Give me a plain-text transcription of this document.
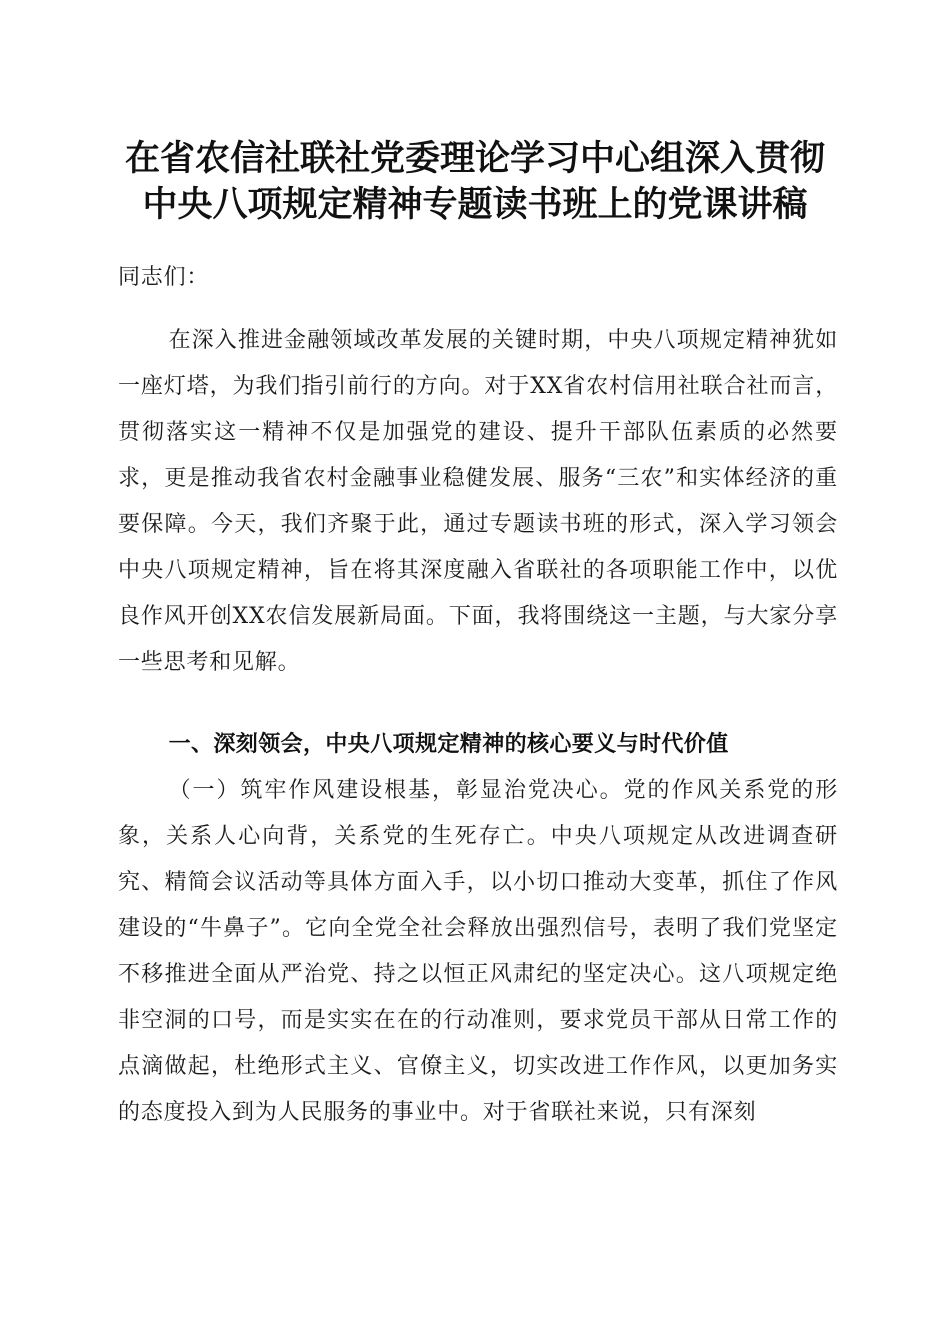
在省农信社联社党委理论学习中心组深入贯彻
中央八项规定精神专题读书班上的党课讲稿
同志们：
在深入推进金融领域改革发展的关键时期，中央八项规定精神犹如一座灯塔，为我们指引前行的方向。对于XX省农村信用社联合社而言，贯彻落实这一精神不仅是加强党的建设、提升干部队伍素质的必然要求，更是推动我省农村金融事业稳健发展、服务“三农”和实体经济的重要保障。今天，我们齐聚于此，通过专题读书班的形式，深入学习领会中央八项规定精神，旨在将其深度融入省联社的各项职能工作中，以优良作风开创XX农信发展新局面。下面，我将围绕这一主题，与大家分享一些思考和见解。
一、深刻领会，中央八项规定精神的核心要义与时代价值
（一）筑牢作风建设根基，彰显治党决心。党的作风关系党的形象，关系人心向背，关系党的生死存亡。中央八项规定从改进调查研究、精简会议活动等具体方面入手，以小切口推动大变革，抓住了作风建设的“牛鼻子”。它向全党全社会释放出强烈信号，表明了我们党坚定不移推进全面从严治党、持之以恒正风肃纪的坚定决心。这八项规定绝非空洞的口号，而是实实在在的行动准则，要求党员干部从日常工作的点滴做起，杜绝形式主义、官僚主义，切实改进工作作风，以更加务实的态度投入到为人民服务的事业中。对于省联社来说，只有深刻
